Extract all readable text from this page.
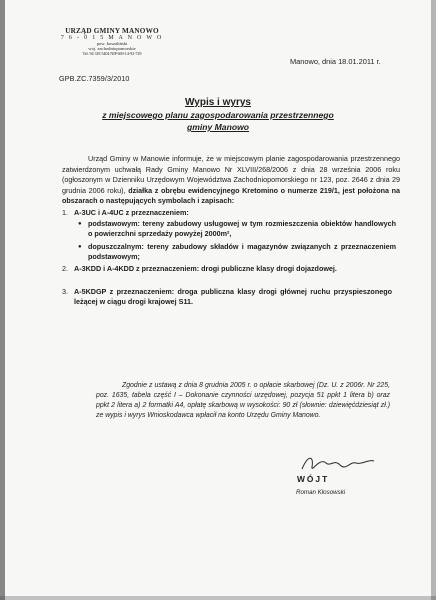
URZĄD GMINY MANOWO
7 6 - 0 1 5 M A N O W O
pow. koszaliński
woj. zachodniopomorskie
Tel. 94 318 5404 NIP 669-14-92-729
GPB.ZC.7359/3/2010
Manowo, dnia 18.01.2011 r.
Wypis i wyrys
z miejscowego planu zagospodarowania przestrzennego
gminy Manowo
Urząd Gminy w Manowie informuje, że w miejscowym planie zagospodarowania przestrzennego zatwierdzonym uchwałą Rady Gminy Manowo Nr XLVIII/268/2006 z dnia 28 września 2006 roku (ogłoszonym w Dzienniku Urzędowym Województwa Zachodniopomorskiego nr 123, poz. 2646 z dnia 29 grudnia 2006 roku), działka z obrębu ewidencyjnego Kretomino o numerze 219/1, jest położona na obszarach o następujących symbolach i zapisach:
1. A-3UC i A-4UC z przeznaczeniem:
● podstawowym: tereny zabudowy usługowej w tym rozmieszczenia obiektów handlowych o powierzchni sprzedaży powyżej 2000m²,
● dopuszczalnym: tereny zabudowy składów i magazynów związanych z przeznaczeniem podstawowym;
2. A-3KDD i A-4KDD z przeznaczeniem: drogi publiczne klasy drogi dojazdowej.
3. A-5KDGP z przeznaczeniem: droga publiczna klasy drogi głównej ruchu przyspieszonego leżącej w ciągu drogi krajowej S11.
Zgodnie z ustawą z dnia 8 grudnia 2005 r. o opłacie skarbowej (Dz. U. z 2006r. Nr 225, poz. 1635, tabela część I – Dokonanie czynności urzędowej, pozycja 51 ppkt 1 litera b) oraz ppkt 2 litera a) 2 formatki A4, opłatę skarbową w wysokości: 90 zł (słownie: dziewięćdziesiąt zł.) ze wypis i wyrys Wnioskodawca wpłacił na konto Urzędu Gminy Manowo.
WÓJT
Roman Kłosowski
